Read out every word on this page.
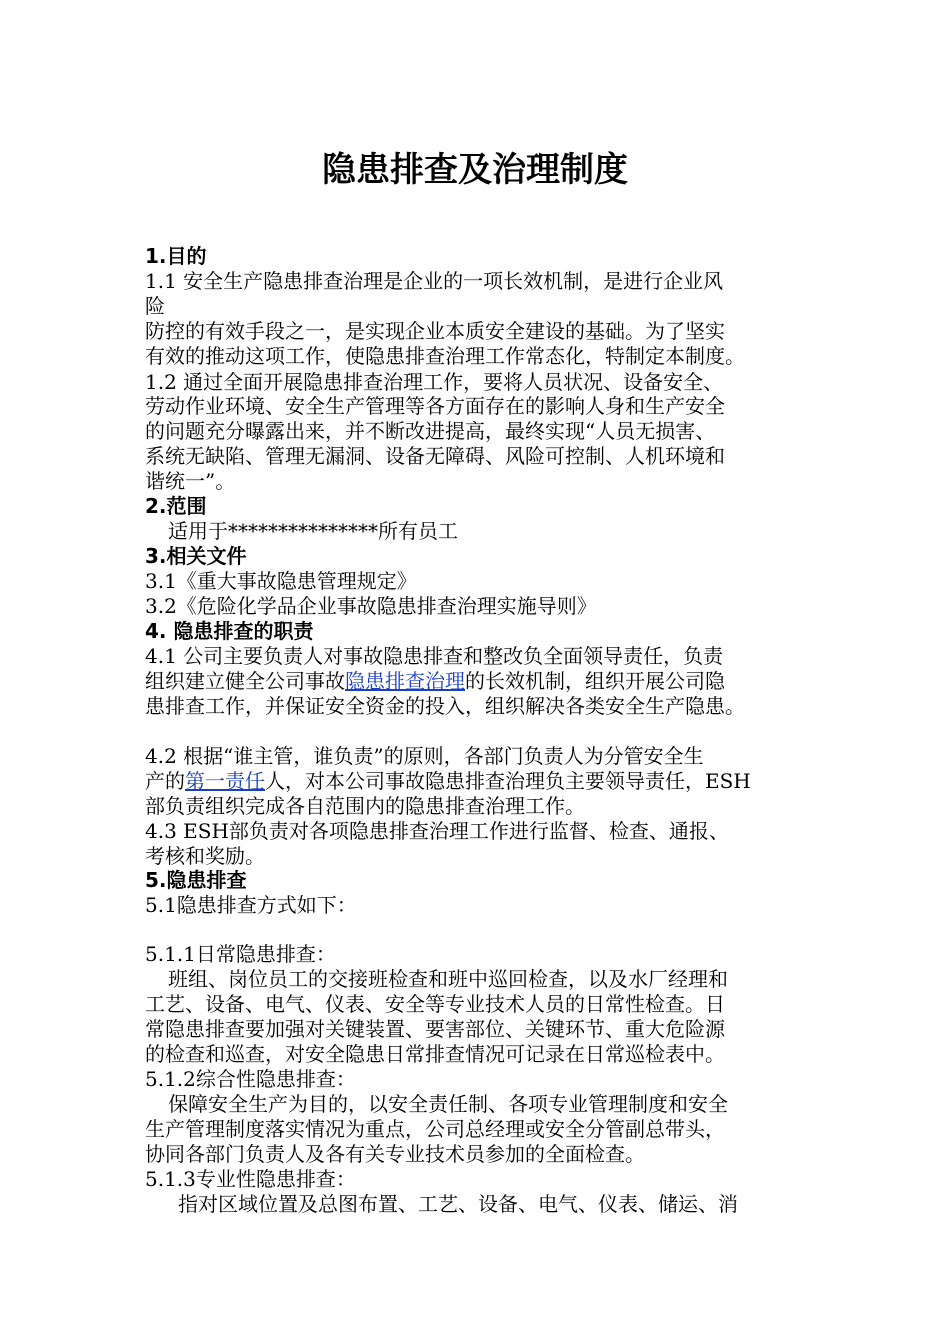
隐患排查及治理制度
1.目的
1.1 安全生产隐患排查治理是企业的一项长效机制，是进行企业风
险
防控的有效手段之一，是实现企业本质安全建设的基础。为了坚实
有效的推动这项工作，使隐患排查治理工作常态化，特制定本制度。
1.2 通过全面开展隐患排查治理工作，要将人员状况、设备安全、
劳动作业环境、安全生产管理等各方面存在的影响人身和生产安全
的问题充分曝露出来，并不断改进提高，最终实现“人员无损害、
系统无缺陷、管理无漏洞、设备无障碍、风险可控制、人机环境和
谐统一”。
2.范围
适用于***************所有员工
3.相关文件
3.1《重大事故隐患管理规定》
3.2《危险化学品企业事故隐患排查治理实施导则》
4. 隐患排查的职责
4.1 公司主要负责人对事故隐患排查和整改负全面领导责任，负责
组织建立健全公司事故隐患排查治理的长效机制，组织开展公司隐
患排查工作，并保证安全资金的投入，组织解决各类安全生产隐患。
4.2 根据“谁主管，谁负责”的原则，各部门负责人为分管安全生
产的第一责任人，对本公司事故隐患排查治理负主要领导责任，ESH
部负责组织完成各自范围内的隐患排查治理工作。
4.3 ESH部负责对各项隐患排查治理工作进行监督、检查、通报、
考核和奖励。
5.隐患排查
5.1隐患排查方式如下：
5.1.1日常隐患排查：
班组、岗位员工的交接班检查和班中巡回检查，以及水厂经理和
工艺、设备、电气、仪表、安全等专业技术人员的日常性检查。日
常隐患排查要加强对关键装置、要害部位、关键环节、重大危险源
的检查和巡查，对安全隐患日常排查情况可记录在日常巡检表中。
5.1.2综合性隐患排查：
保障安全生产为目的，以安全责任制、各项专业管理制度和安全
生产管理制度落实情况为重点，公司总经理或安全分管副总带头，
协同各部门负责人及各有关专业技术员参加的全面检查。
5.1.3专业性隐患排查：
指对区域位置及总图布置、工艺、设备、电气、仪表、储运、消
